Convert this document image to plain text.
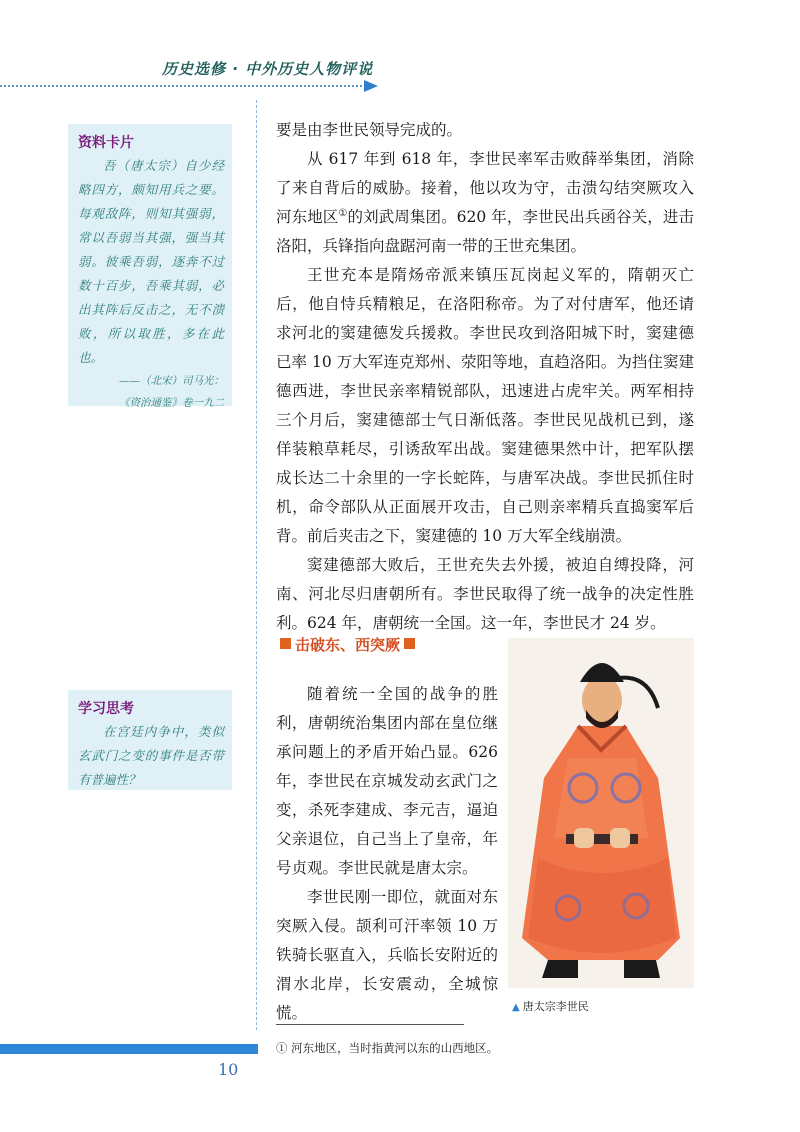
历史选修 · 中外历史人物评说
资料卡片

吾（唐太宗）自少经略四方，颇知用兵之要。每观敌阵，则知其强弱，常以吾弱当其强，强当其弱。彼乘吾弱，逐奔不过数十百步，吾乘其弱，必出其阵后反击之，无不溃败，所以取胜，多在此也。

——（北宋）司马光：

《资治通鉴》卷一九二

学习思考

在宫廷内争中，类似玄武门之变的事件是否带有普遍性？

要是由李世民领导完成的。

从 617 年到 618 年，李世民率军击败薛举集团，消除了来自背后的威胁。接着，他以攻为守，击溃勾结突厥攻入河东地区①的刘武周集团。620 年，李世民出兵函谷关，进击洛阳，兵锋指向盘踞河南一带的王世充集团。

王世充本是隋炀帝派来镇压瓦岗起义军的，隋朝灭亡后，他自恃兵精粮足，在洛阳称帝。为了对付唐军，他还请求河北的窦建德发兵援救。李世民攻到洛阳城下时，窦建德已率 10 万大军连克郑州、荥阳等地，直趋洛阳。为挡住窦建德西进，李世民亲率精锐部队，迅速进占虎牢关。两军相持三个月后，窦建德部士气日渐低落。李世民见战机已到，遂佯装粮草耗尽，引诱敌军出战。窦建德果然中计，把军队摆成长达二十余里的一字长蛇阵，与唐军决战。李世民抓住时机，命令部队从正面展开攻击，自己则亲率精兵直捣窦军后背。前后夹击之下，窦建德的 10 万大军全线崩溃。

窦建德部大败后，王世充失去外援，被迫自缚投降，河南、河北尽归唐朝所有。李世民取得了统一战争的决定性胜利。624 年，唐朝统一全国。这一年，李世民才 24 岁。

击破东、西突厥

随着统一全国的战争的胜利，唐朝统治集团内部在皇位继承问题上的矛盾开始凸显。626 年，李世民在京城发动玄武门之变，杀死李建成、李元吉，逼迫父亲退位，自己当上了皇帝，年号贞观。李世民就是唐太宗。

李世民刚一即位，就面对东突厥入侵。颉利可汗率领 10 万铁骑长驱直入，兵临长安附近的渭水北岸，长安震动，全城惊慌。	▲ 唐太宗李世民
① 河东地区，当时指黄河以东的山西地区。
10
